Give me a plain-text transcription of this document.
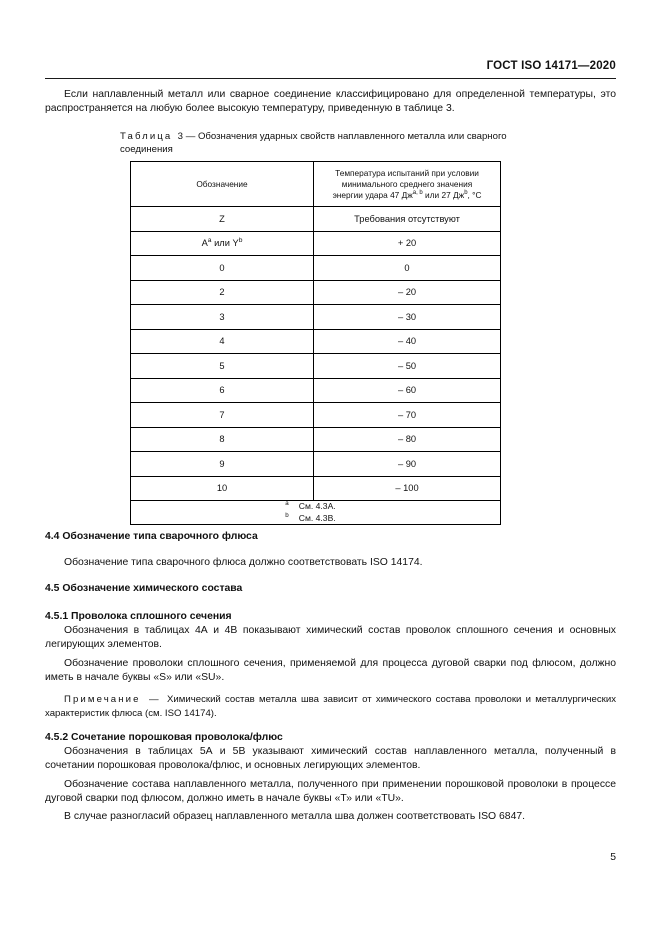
ГОСТ ISO 14171—2020

Если наплавленный металл или сварное соединение классифицировано для определенной температуры, это распространяется на любую более высокую температуру, приведенную в таблице 3.

Таблица 3 — Обозначения ударных свойств наплавленного металла или сварного соединения
Обозначение	Температура испытаний при условии
минимального среднего значения
энергии удара 47 Дж$^{a, b}$ или 27 $Дж^b$, °С
Z	Требования отсутствуют
$A^a$ или $Y^b$	+ 20
0	0
2	– 20
3	– 30
4	– 40
5	– 50
6	– 60
7	– 70
8	– 80
9	– 90
10	– 100

$^a$ См. 4.3А.
$^b$ См. 4.3В.	
4.4 Обозначение типа сварочного флюса

Обозначение типа сварочного флюса должно соответствовать ISO 14174.

4.5 Обозначение химического состава
4.5.1 Проволока сплошного сечения

Обозначения в таблицах 4А и 4В показывают химический состав проволок сплошного сечения и основных легирующих элементов.

Обозначение проволоки сплошного сечения, применяемой для процесса дуговой сварки под флюсом, должно иметь в начале буквы «S» или «SU».

Примечание — Химический состав металла шва зависит от химического состава проволоки и металлургических характеристик флюса (см. ISO 14174).

4.5.2 Сочетание порошковая проволока/флюс

Обозначения в таблицах 5А и 5В указывают химический состав наплавленного металла, полученный в сочетании порошковая проволока/флюс, и основных легирующих элементов.

Обозначение состава наплавленного металла, полученного при применении порошковой проволоки в процессе дуговой сварки под флюсом, должно иметь в начале буквы «Т» или «ТU».

В случае разногласий образец наплавленного металла шва должен соответствовать ISO 6847.

5
